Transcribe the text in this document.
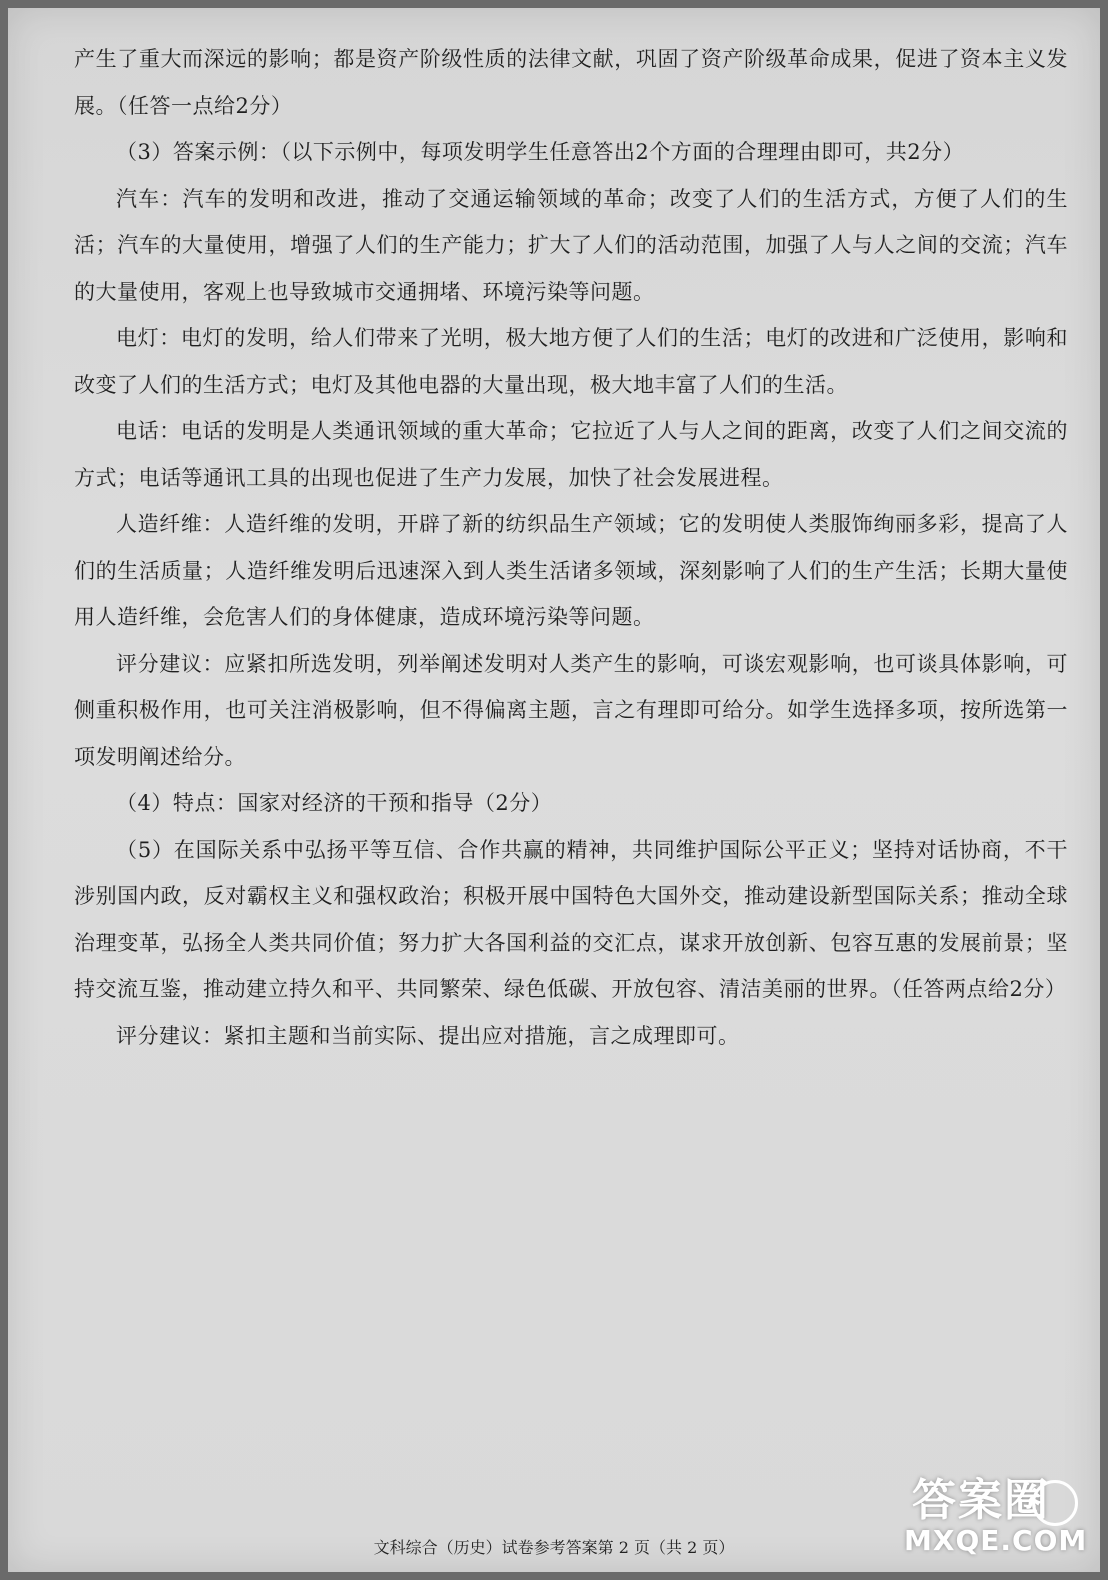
产生了重大而深远的影响；都是资产阶级性质的法律文献，巩固了资产阶级革命成果，促进了资本主义发展。（任答一点给2分）

（3）答案示例：（以下示例中，每项发明学生任意答出2个方面的合理理由即可，共2分）

汽车：汽车的发明和改进，推动了交通运输领域的革命；改变了人们的生活方式，方便了人们的生活；汽车的大量使用，增强了人们的生产能力；扩大了人们的活动范围，加强了人与人之间的交流；汽车的大量使用，客观上也导致城市交通拥堵、环境污染等问题。

电灯：电灯的发明，给人们带来了光明，极大地方便了人们的生活；电灯的改进和广泛使用，影响和改变了人们的生活方式；电灯及其他电器的大量出现，极大地丰富了人们的生活。

电话：电话的发明是人类通讯领域的重大革命；它拉近了人与人之间的距离，改变了人们之间交流的方式；电话等通讯工具的出现也促进了生产力发展，加快了社会发展进程。

人造纤维：人造纤维的发明，开辟了新的纺织品生产领域；它的发明使人类服饰绚丽多彩，提高了人们的生活质量；人造纤维发明后迅速深入到人类生活诸多领域，深刻影响了人们的生产生活；长期大量使用人造纤维，会危害人们的身体健康，造成环境污染等问题。

评分建议：应紧扣所选发明，列举阐述发明对人类产生的影响，可谈宏观影响，也可谈具体影响，可侧重积极作用，也可关注消极影响，但不得偏离主题，言之有理即可给分。如学生选择多项，按所选第一项发明阐述给分。

（4）特点：国家对经济的干预和指导（2分）

（5）在国际关系中弘扬平等互信、合作共赢的精神，共同维护国际公平正义；坚持对话协商，不干涉别国内政，反对霸权主义和强权政治；积极开展中国特色大国外交，推动建设新型国际关系；推动全球治理变革，弘扬全人类共同价值；努力扩大各国利益的交汇点，谋求开放创新、包容互惠的发展前景；坚持交流互鉴，推动建立持久和平、共同繁荣、绿色低碳、开放包容、清洁美丽的世界。（任答两点给2分）

评分建议：紧扣主题和当前实际、提出应对措施，言之成理即可。

文科综合（历史）试卷参考答案第 2 页（共 2 页）
答案圈
MXQE.COM
